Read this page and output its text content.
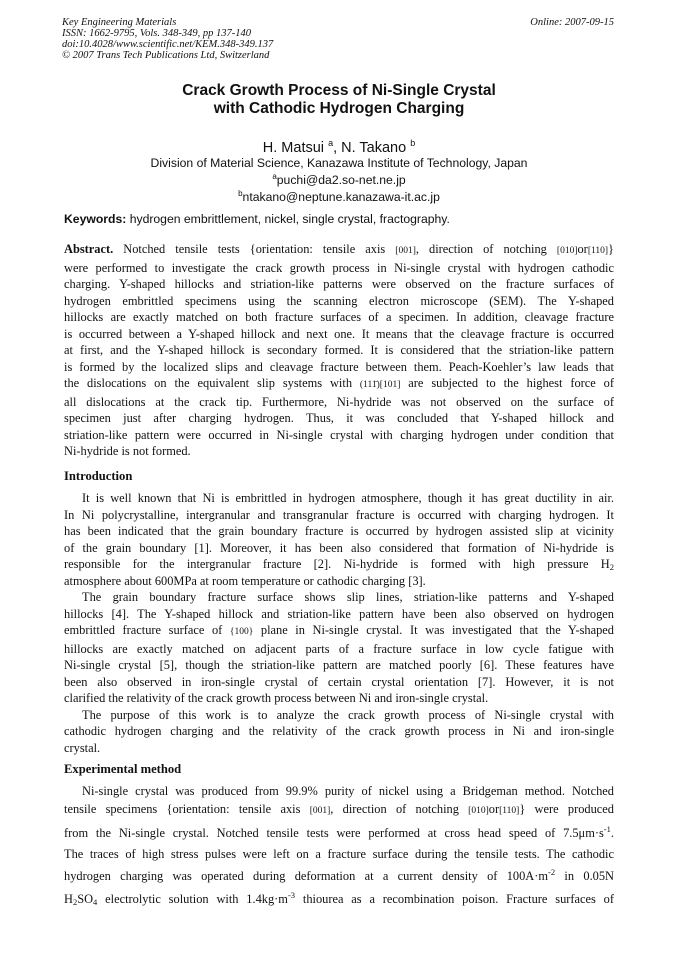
Key Engineering Materials
ISSN: 1662-9795, Vols. 348-349, pp 137-140
doi:10.4028/www.scientific.net/KEM.348-349.137
© 2007 Trans Tech Publications Ltd, Switzerland
Online: 2007-09-15
Crack Growth Process of Ni-Single Crystal
with Cathodic Hydrogen Charging
H. Matsui $^a$, N. Takano $^b$
Division of Material Science, Kanazawa Institute of Technology, Japan
$^a$puchi@da2.so-net.ne.jp
$^b$ntakano@neptune.kanazawa-it.ac.jp
Keywords: hydrogen embrittlement, nickel, single crystal, fractography.
Abstract. Notched tensile tests {orientation: tensile axis [001], direction of notching [010]or[110]}
were performed to investigate the crack growth process in Ni-single crystal with hydrogen cathodic
charging. Y-shaped hillocks and striation-like patterns were observed on the fracture surfaces of
hydrogen embrittled specimens using the scanning electron microscope (SEM). The Y-shaped
hillocks are exactly matched on both fracture surfaces of a specimen. In addition, cleavage fracture
is occurred between a Y-shaped hillock and next one. It means that the cleavage fracture is occurred
at first, and the Y-shaped hillock is secondary formed. It is considered that the striation-like pattern
is formed by the localized slips and cleavage fracture between them. Peach-Koehler’s law leads that
the dislocations on the equivalent slip systems with (111̄)[101] are subjected to the highest force of
all dislocations at the crack tip. Furthermore, Ni-hydride was not observed on the surface of
specimen just after charging hydrogen. Thus, it was concluded that Y-shaped hillock and
striation-like pattern were occurred in Ni-single crystal with charging hydrogen under condition that
Ni-hydride is not formed.
Introduction
It is well known that Ni is embrittled in hydrogen atmosphere, though it has great ductility in air.
In Ni polycrystalline, intergranular and transgranular fracture is occurred with charging hydrogen. It
has been indicated that the grain boundary fracture is occurred by hydrogen assisted slip at vicinity
of the grain boundary [1]. Moreover, it has been also considered that formation of Ni-hydride is
responsible for the intergranular fracture [2]. Ni-hydride is formed with high pressure $H_2$
atmosphere about 600MPa at room temperature or cathodic charging [3].
The grain boundary fracture surface shows slip lines, striation-like patterns and Y-shaped
hillocks [4]. The Y-shaped hillock and striation-like pattern have been also observed on hydrogen
embrittled fracture surface of {100} plane in Ni-single crystal. It was investigated that the Y-shaped
hillocks are exactly matched on adjacent parts of a fracture surface in low cycle fatigue with
Ni-single crystal [5], though the striation-like pattern are matched poorly [6]. These features have
been also observed in iron-single crystal of certain crystal orientation [7]. However, it is not
clarified the relativity of the crack growth process between Ni and iron-single crystal.
The purpose of this work is to analyze the crack growth process of Ni-single crystal with
cathodic hydrogen charging and the relativity of the crack growth process in Ni and iron-single
crystal.
Experimental method
Ni-single crystal was produced from 99.9% purity of nickel using a Bridgeman method. Notched
tensile specimens {orientation: tensile axis [001], direction of notching [010]or[110]} were produced
from the Ni-single crystal. Notched tensile tests were performed at cross head speed of $7.5\mu m\cdot s^{-1}$.
The traces of high stress pulses were left on a fracture surface during the tensile tests. The cathodic
hydrogen charging was operated during deformation at a current density of $100A\cdot m^{-2}$ in 0.05N
$H_2SO_4$ electrolytic solution with $1.4kg\cdot m^{-3}$ thiourea as a recombination poison. Fracture surfaces of
